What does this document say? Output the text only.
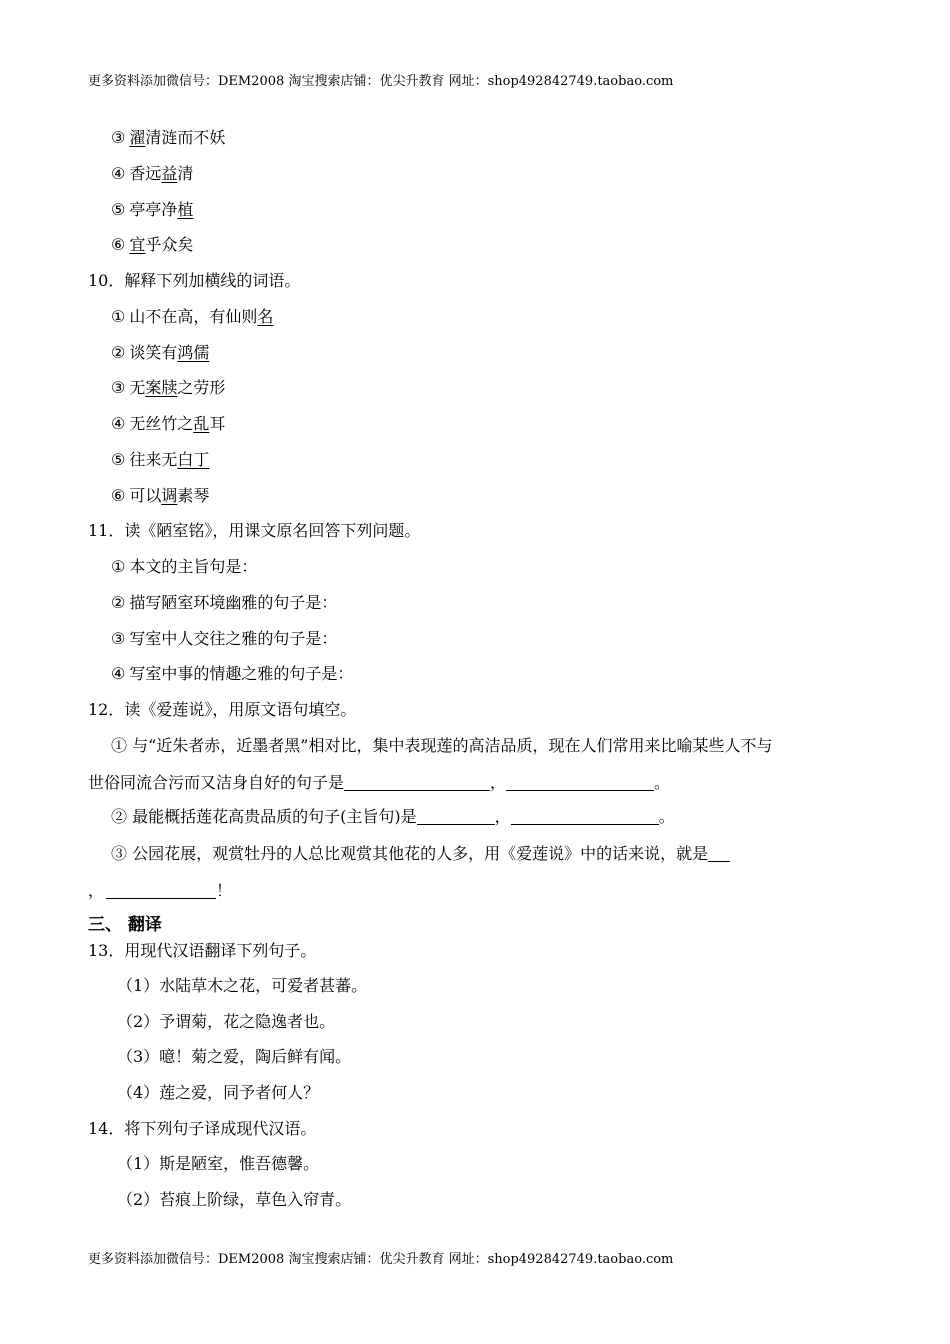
更多资料添加微信号：DEM2008 淘宝搜索店铺：优尖升教育 网址：shop492842749.taobao.com
③ 濯清涟而不妖
④ 香远益清
⑤ 亭亭净植
⑥ 宜乎众矣
10．解释下列加横线的词语。
① 山不在高，有仙则名
② 谈笑有鸿儒
③ 无案牍之劳形
④ 无丝竹之乱耳
⑤ 往来无白丁
⑥ 可以调素琴
11．读《陋室铭》，用课文原名回答下列问题。
① 本文的主旨句是：
② 描写陋室环境幽雅的句子是：
③ 写室中人交往之雅的句子是：
④ 写室中事的情趣之雅的句子是：
12．读《爱莲说》，用原文语句填空。
① 与“近朱者赤，近墨者黑”相对比，集中表现莲的高洁品质，现在人们常用来比喻某些人不与
世俗同流合污而又洁身自好的句子是	，	。
② 最能概括莲花高贵品质的句子(主旨句)是	，	。
③ 公园花展，观赏牡丹的人总比观赏其他花的人多，用《爱莲说》中的话来说，就是
，	！
三、 翻译
13．用现代汉语翻译下列句子。
（1）水陆草木之花，可爱者甚蕃。
（2）予谓菊，花之隐逸者也。
（3）噫！菊之爱，陶后鲜有闻。
（4）莲之爱，同予者何人？
14．将下列句子译成现代汉语。
（1）斯是陋室，惟吾德馨。
（2）苔痕上阶绿，草色入帘青。
更多资料添加微信号：DEM2008 淘宝搜索店铺：优尖升教育 网址：shop492842749.taobao.com
